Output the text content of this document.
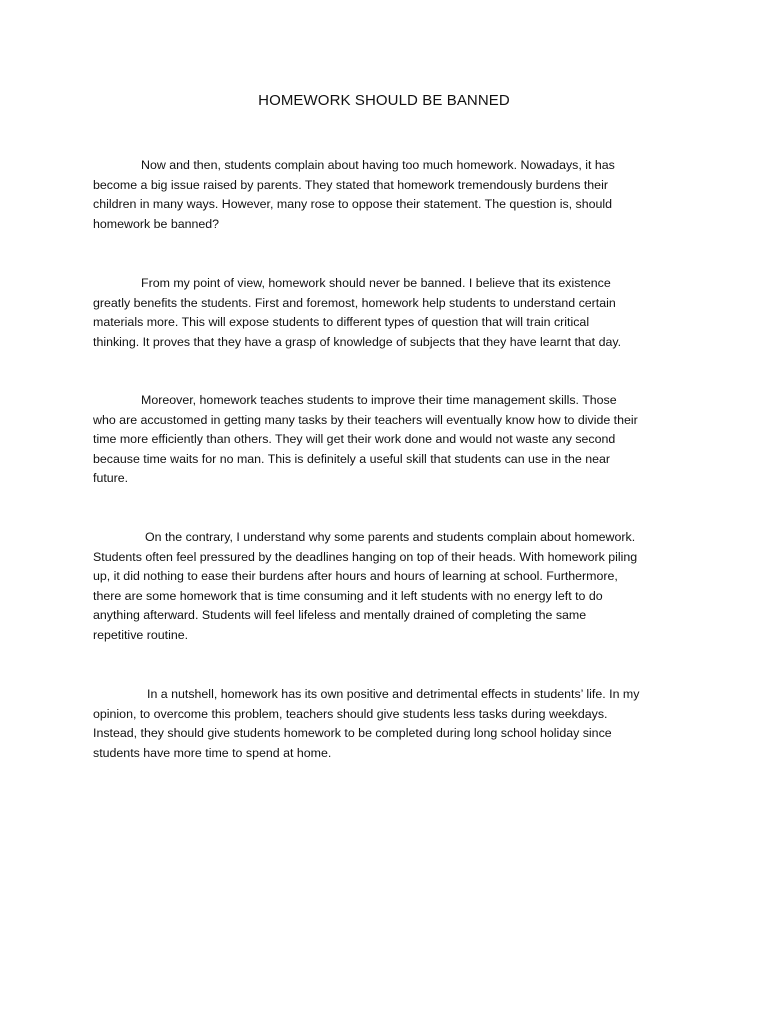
HOMEWORK SHOULD BE BANNED

Now and then, students complain about having too much homework. Nowadays, it has
become a big issue raised by parents. They stated that homework tremendously burdens their
children in many ways. However, many rose to oppose their statement. The question is, should
homework be banned?

From my point of view, homework should never be banned. I believe that its existence
greatly benefits the students. First and foremost, homework help students to understand certain
materials more. This will expose students to different types of question that will train critical
thinking. It proves that they have a grasp of knowledge of subjects that they have learnt that day.

Moreover, homework teaches students to improve their time management skills. Those
who are accustomed in getting many tasks by their teachers will eventually know how to divide their
time more efficiently than others. They will get their work done and would not waste any second
because time waits for no man. This is definitely a useful skill that students can use in the near
future.

On the contrary, I understand why some parents and students complain about homework.
Students often feel pressured by the deadlines hanging on top of their heads. With homework piling
up, it did nothing to ease their burdens after hours and hours of learning at school. Furthermore,
there are some homework that is time consuming and it left students with no energy left to do
anything afterward. Students will feel lifeless and mentally drained of completing the same
repetitive routine.

In a nutshell, homework has its own positive and detrimental effects in students’ life. In my
opinion, to overcome this problem, teachers should give students less tasks during weekdays.
Instead, they should give students homework to be completed during long school holiday since
students have more time to spend at home.
